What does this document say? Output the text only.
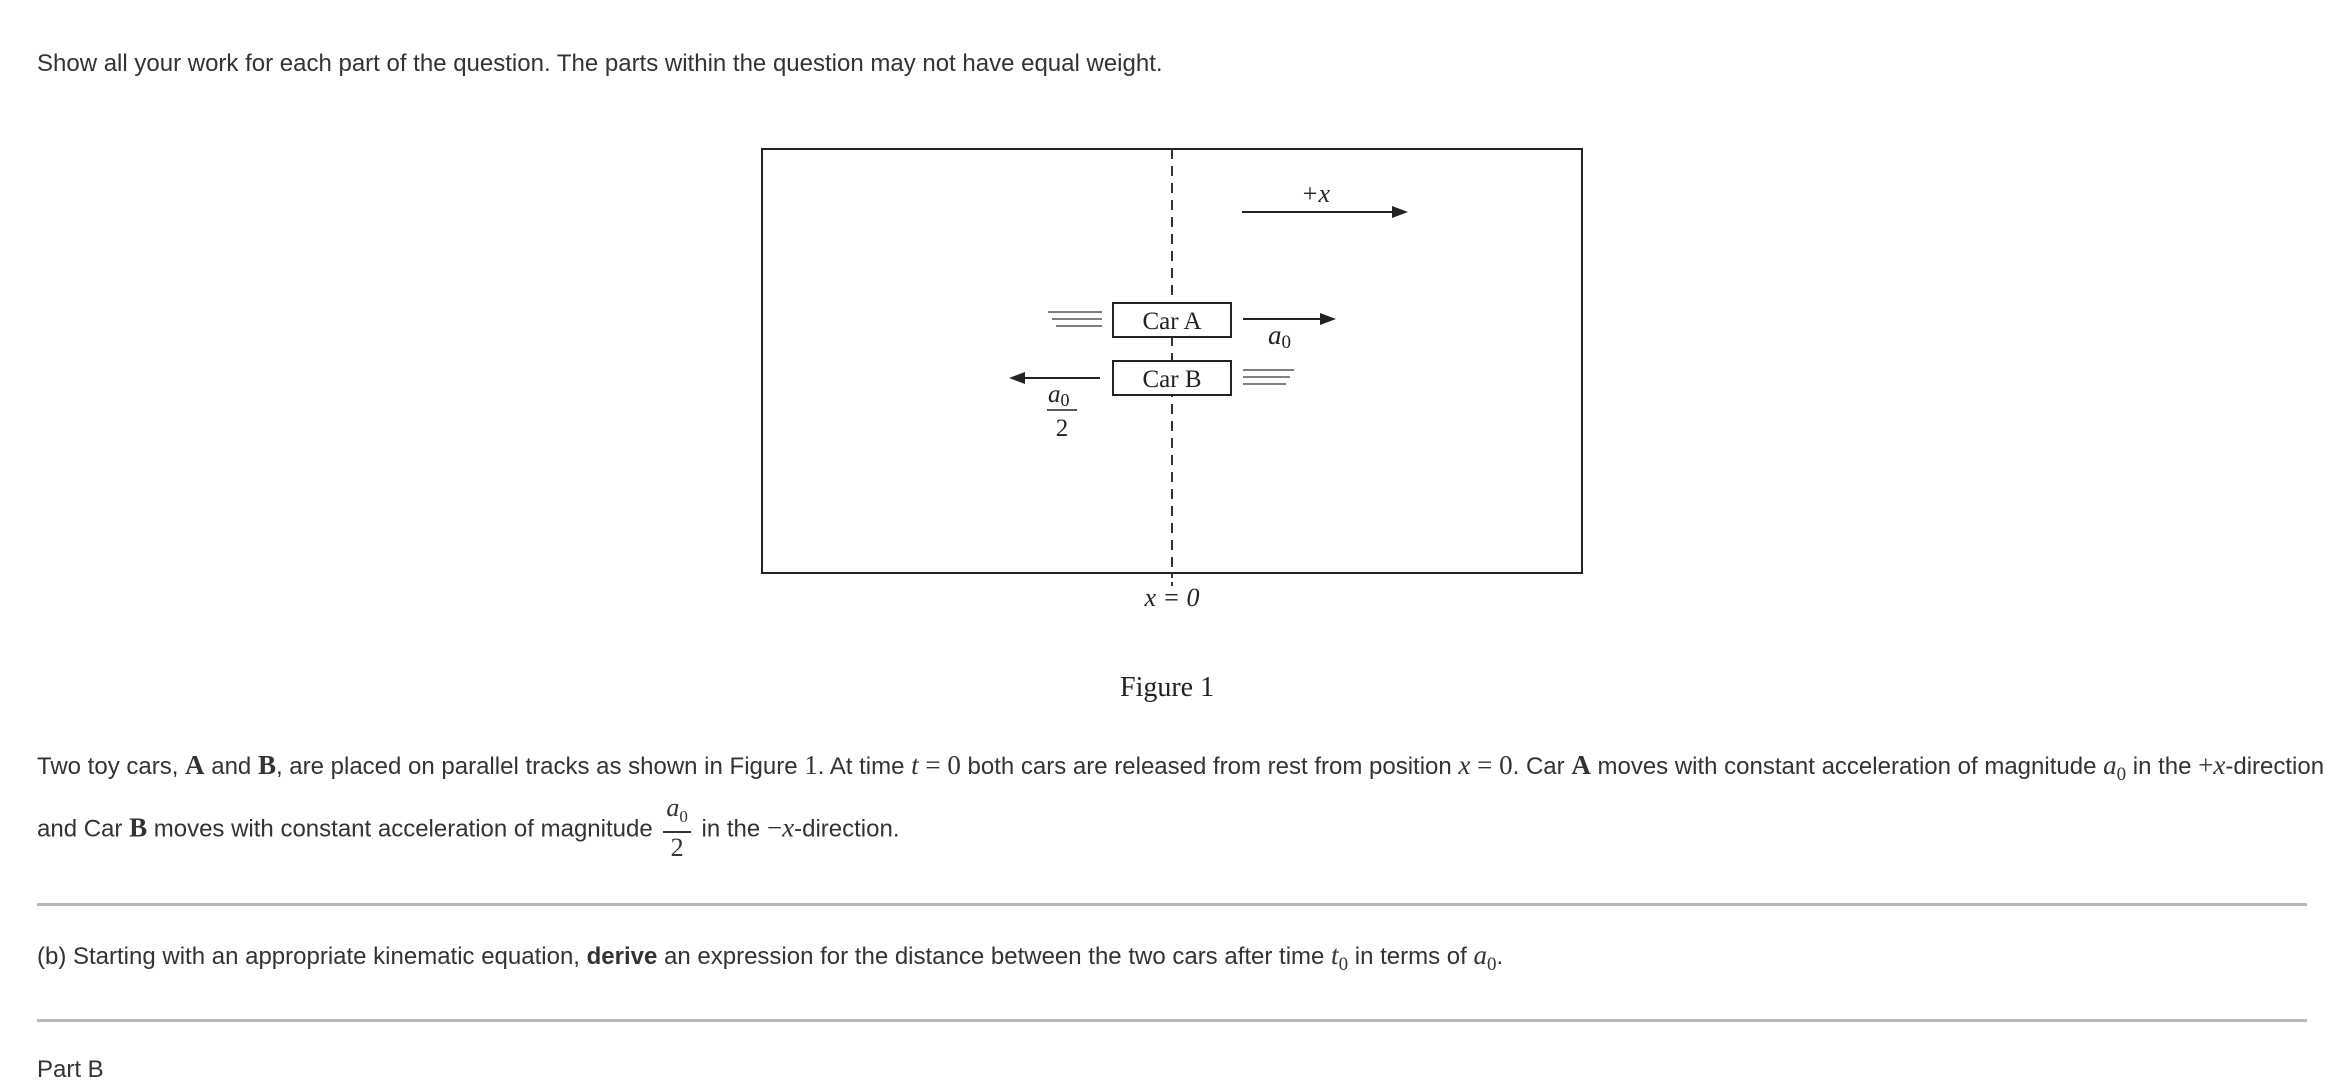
Show all your work for each part of the question. The parts within the question may not have equal weight.
+x
Car A a0
Car B
a0
2
x = 0
Figure 1
Two toy cars, A and B, are placed on parallel tracks as shown in Figure 1. At time t = 0 both cars are released from rest from position x = 0. Car A moves with constant acceleration of magnitude $a_0$ in the +x-direction and Car B moves with constant acceleration of magnitude $\frac{a_0}{2}$ in the −x-direction.
(b) Starting with an appropriate kinematic equation, derive an expression for the distance between the two cars after time $t_0$ in terms of $a_0$.
Part B
